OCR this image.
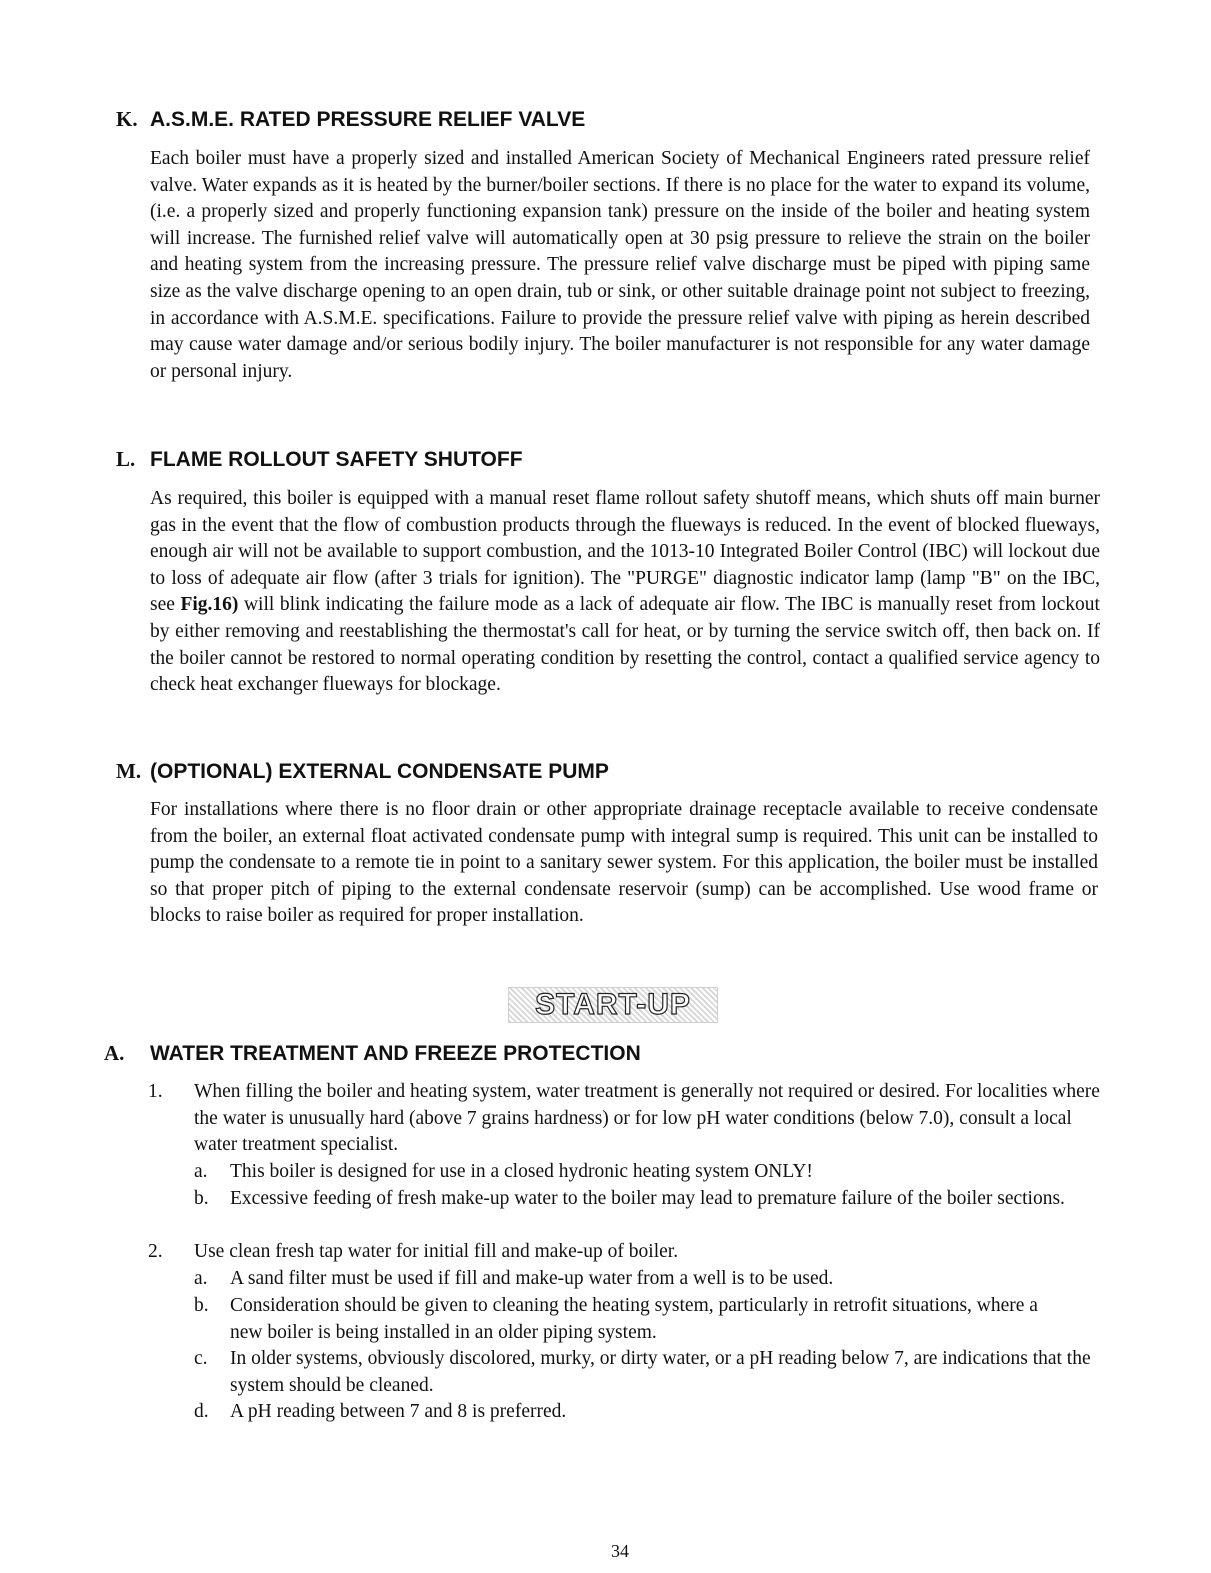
K. A.S.M.E. RATED PRESSURE RELIEF VALVE
Each boiler must have a properly sized and installed American Society of Mechanical Engineers rated pressure relief valve. Water expands as it is heated by the burner/boiler sections. If there is no place for the water to expand its volume, (i.e. a properly sized and properly functioning expansion tank) pressure on the inside of the boiler and heating system will increase. The furnished relief valve will automatically open at 30 psig pressure to relieve the strain on the boiler and heating system from the increasing pressure. The pressure relief valve discharge must be piped with piping same size as the valve discharge opening to an open drain, tub or sink, or other suitable drainage point not subject to freezing, in accordance with A.S.M.E. specifications. Failure to provide the pressure relief valve with piping as herein described may cause water damage and/or serious bodily injury. The boiler manufacturer is not responsible for any water damage or personal injury.
L. FLAME ROLLOUT SAFETY SHUTOFF
As required, this boiler is equipped with a manual reset flame rollout safety shutoff means, which shuts off main burner gas in the event that the flow of combustion products through the flueways is reduced. In the event of blocked flueways, enough air will not be available to support combustion, and the 1013-10 Integrated Boiler Control (IBC) will lockout due to loss of adequate air flow (after 3 trials for ignition). The "PURGE" diagnostic indicator lamp (lamp "B" on the IBC, see Fig.16) will blink indicating the failure mode as a lack of adequate air flow. The IBC is manually reset from lockout by either removing and reestablishing the thermostat's call for heat, or by turning the service switch off, then back on. If the boiler cannot be restored to normal operating condition by resetting the control, contact a qualified service agency to check heat exchanger flueways for blockage.
M. (OPTIONAL) EXTERNAL CONDENSATE PUMP
For installations where there is no floor drain or other appropriate drainage receptacle available to receive condensate from the boiler, an external float activated condensate pump with integral sump is required. This unit can be installed to pump the condensate to a remote tie in point to a sanitary sewer system. For this application, the boiler must be installed so that proper pitch of piping to the external condensate reservoir (sump) can be accomplished. Use wood frame or blocks to raise boiler as required for proper installation.
START-UP
A. WATER TREATMENT AND FREEZE PROTECTION
1. When filling the boiler and heating system, water treatment is generally not required or desired. For localities where the water is unusually hard (above 7 grains hardness) or for low pH water conditions (below 7.0), consult a local water treatment specialist.
a. This boiler is designed for use in a closed hydronic heating system ONLY!
b. Excessive feeding of fresh make-up water to the boiler may lead to premature failure of the boiler sections.
2. Use clean fresh tap water for initial fill and make-up of boiler.
a. A sand filter must be used if fill and make-up water from a well is to be used.
b. Consideration should be given to cleaning the heating system, particularly in retrofit situations, where a new boiler is being installed in an older piping system.
c. In older systems, obviously discolored, murky, or dirty water, or a pH reading below 7, are indications that the system should be cleaned.
d. A pH reading between 7 and 8 is preferred.
34
